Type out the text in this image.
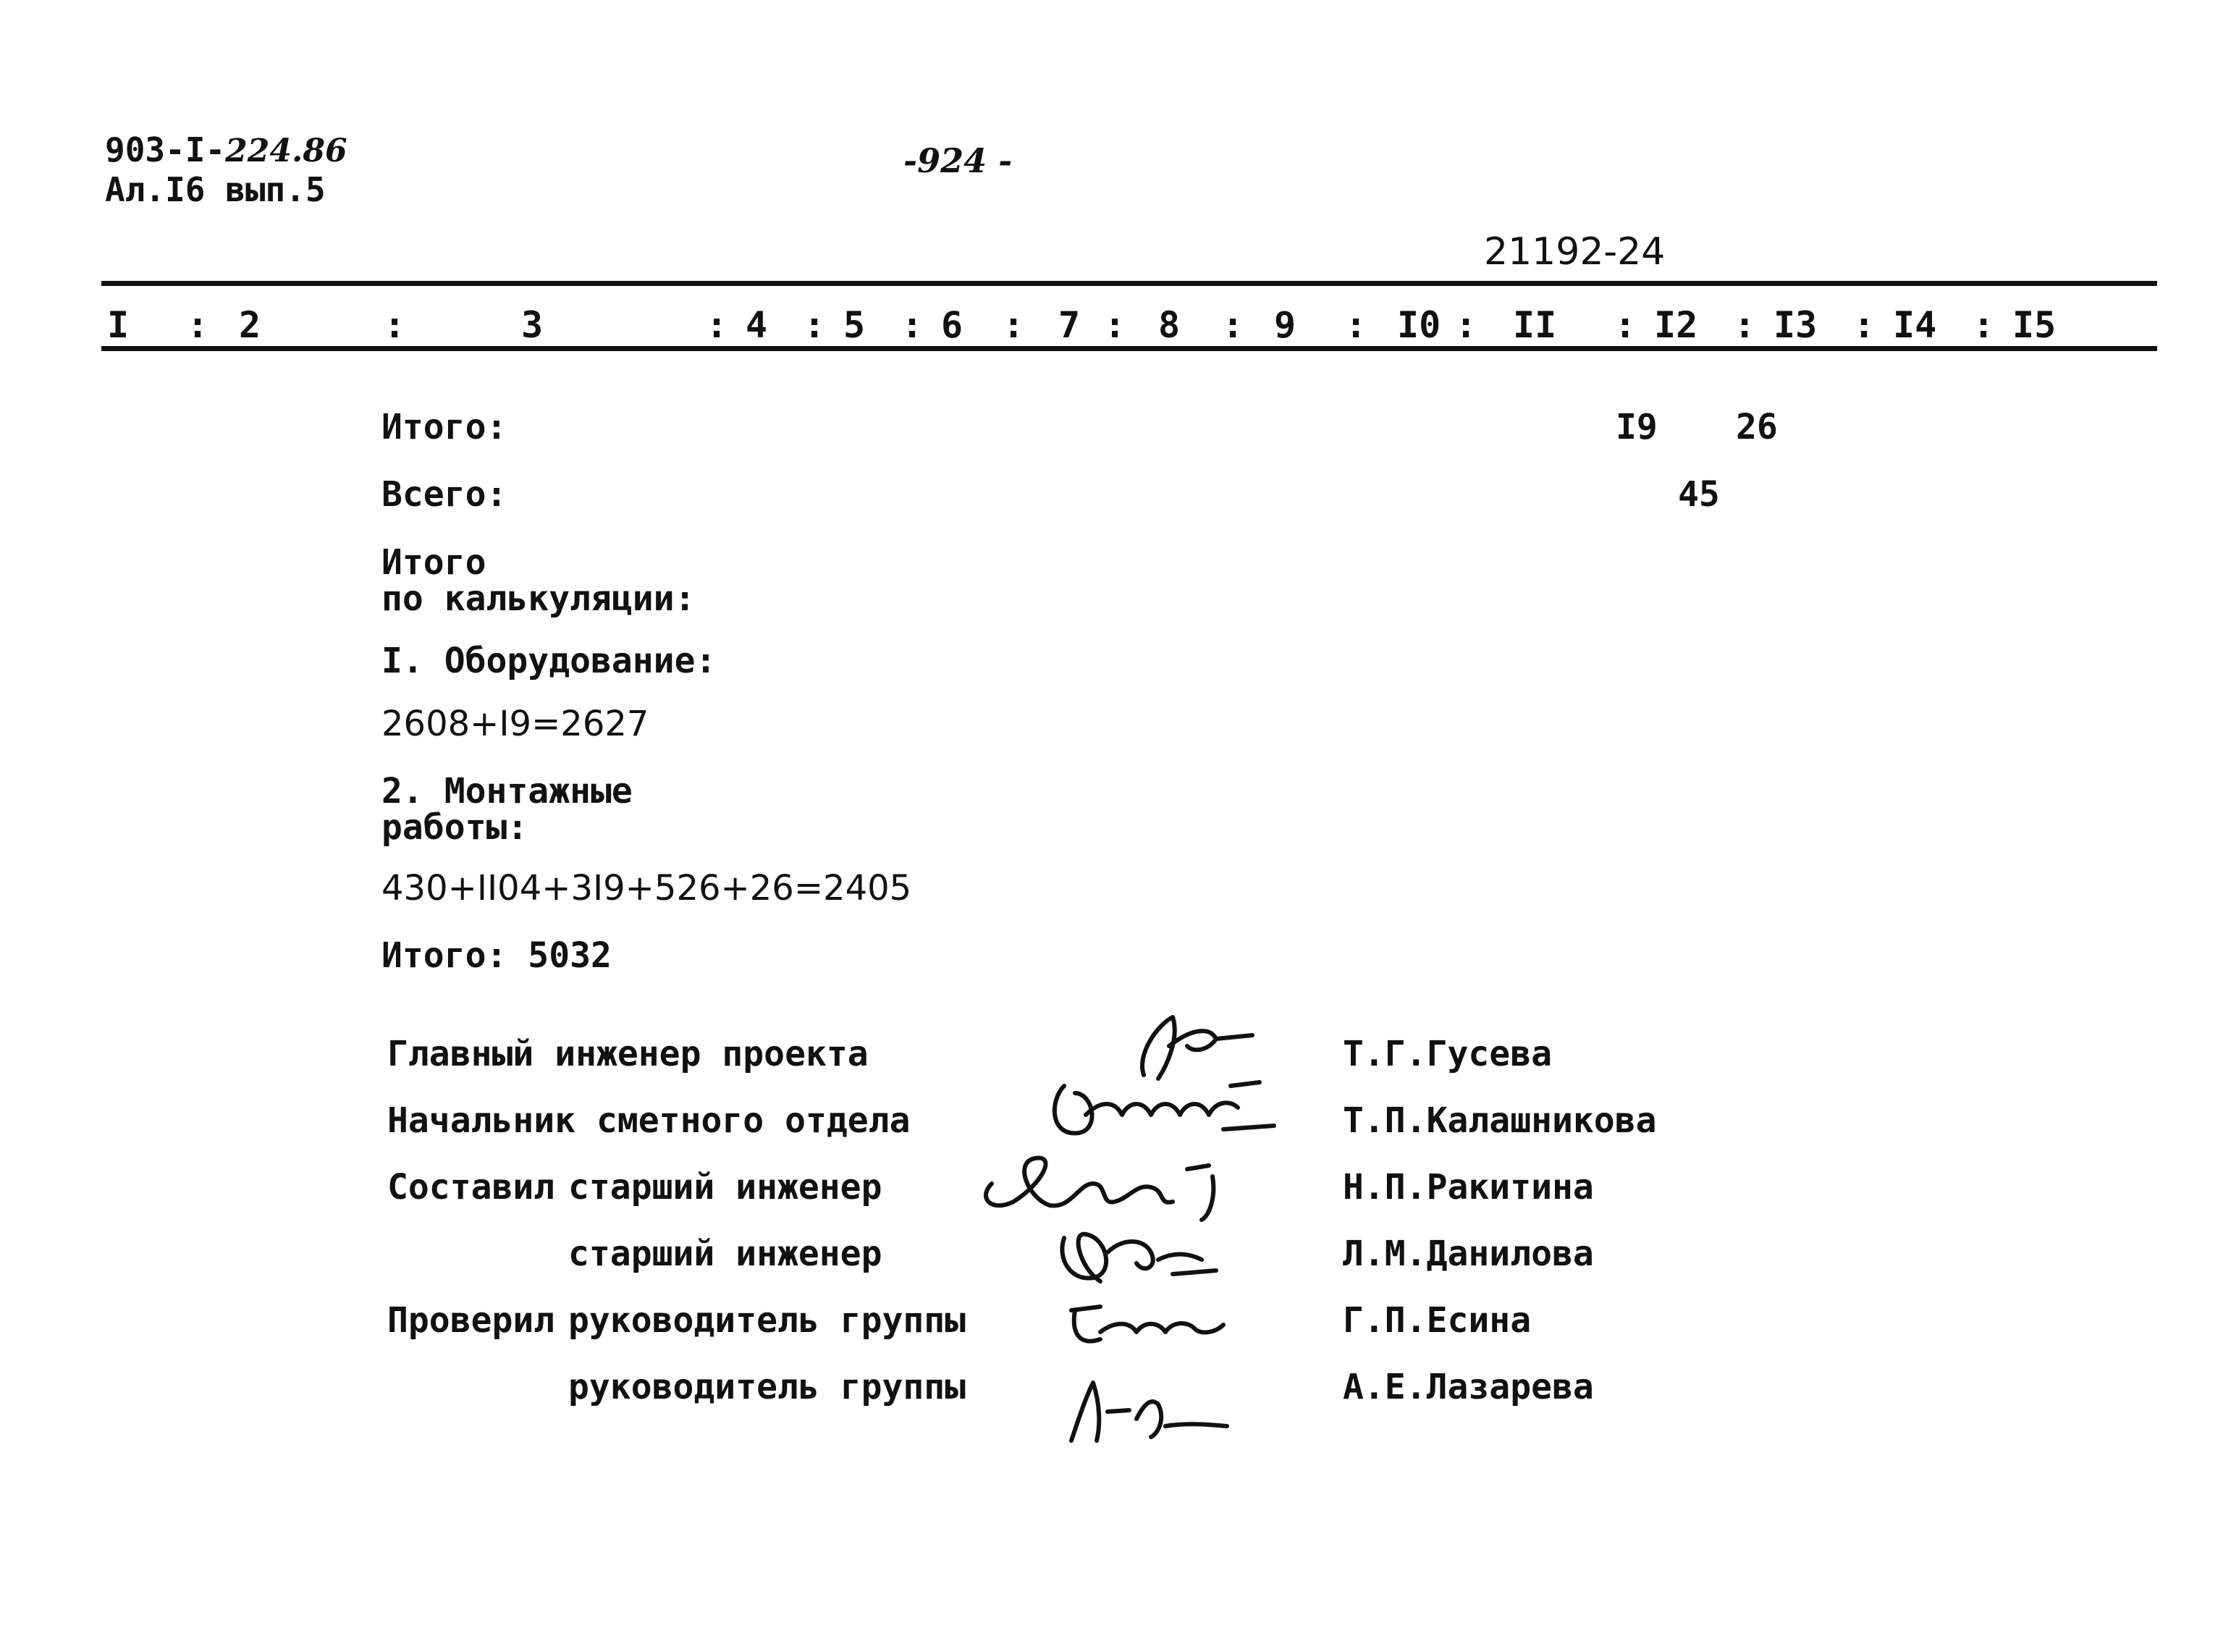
903-I-224.86
Ал.I6 вып.5
-924 -
21192-24
I : 2	:	3	: 4 : 5 : 6 : 7 : 8 : 9 : I0 : II : I2 : I3 : I4 : I5
Итого:	I9 26
Всего:	45
Итого
по калькуляции:
I. Оборудование:
2608+I9=2627
2. Монтажные
работы:
430+II04+3I9+526+26=2405
Итого: 5032
Главный инженер проекта	Т.Г.Гусева
Начальник сметного отдела	Т.П.Калашникова
Составил старший инженер	Н.П.Ракитина
старший инженер	Л.М.Данилова
Проверил руководитель группы	Г.П.Есина
руководитель группы	А.Е.Лазарева
